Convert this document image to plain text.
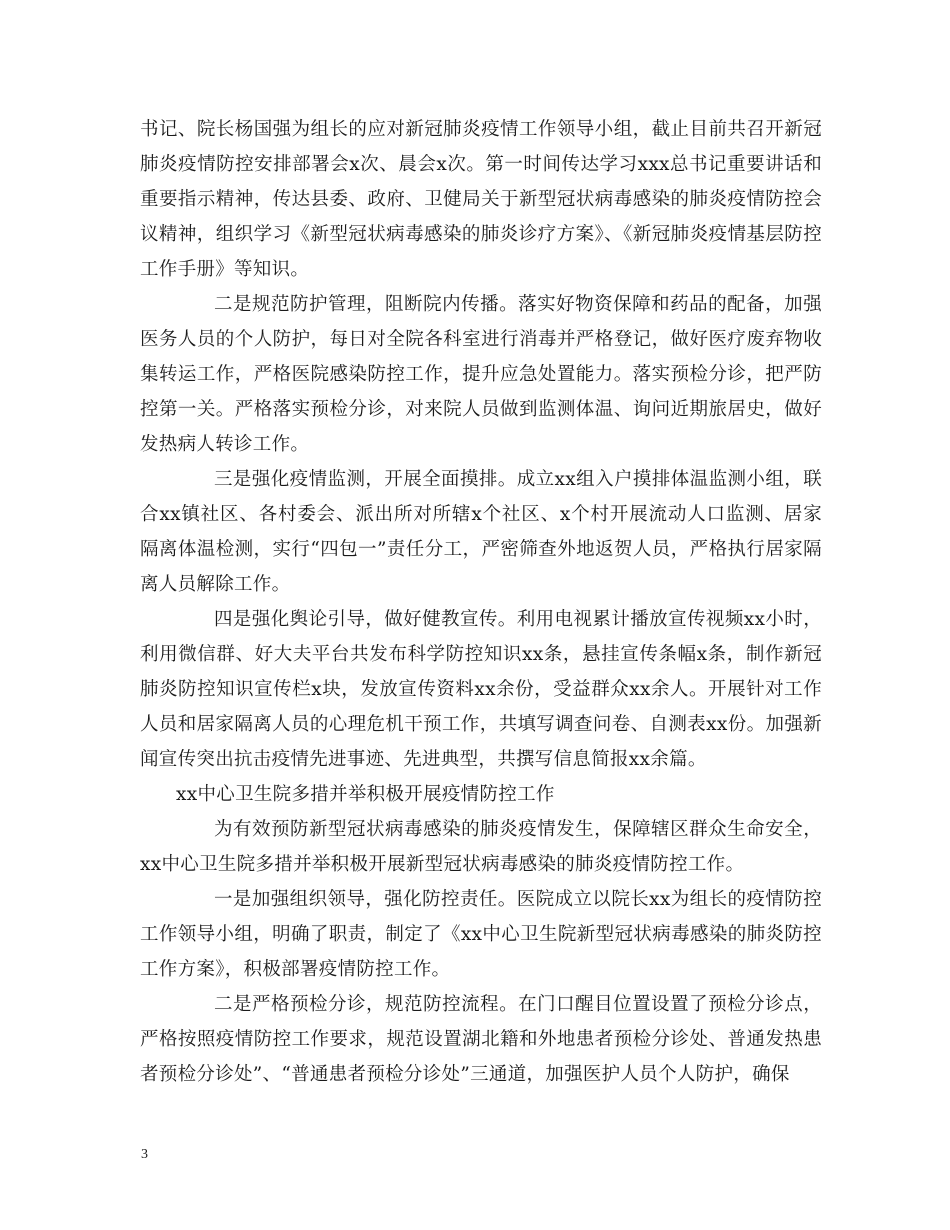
书记、院长杨国强为组长的应对新冠肺炎疫情工作领导小组，截止目前共召开新冠肺炎疫情防控安排部署会x次、晨会x次。第一时间传达学习xxx总书记重要讲话和重要指示精神，传达县委、政府、卫健局关于新型冠状病毒感染的肺炎疫情防控会议精神，组织学习《新型冠状病毒感染的肺炎诊疗方案》、《新冠肺炎疫情基层防控工作手册》等知识。

二是规范防护管理，阻断院内传播。落实好物资保障和药品的配备，加强医务人员的个人防护，每日对全院各科室进行消毒并严格登记，做好医疗废弃物收集转运工作，严格医院感染防控工作，提升应急处置能力。落实预检分诊，把严防控第一关。严格落实预检分诊，对来院人员做到监测体温、询问近期旅居史，做好发热病人转诊工作。

三是强化疫情监测，开展全面摸排。成立xx组入户摸排体温监测小组，联合xx镇社区、各村委会、派出所对所辖x个社区、x个村开展流动人口监测、居家隔离体温检测，实行“四包一”责任分工，严密筛查外地返贺人员，严格执行居家隔离人员解除工作。

四是强化舆论引导，做好健教宣传。利用电视累计播放宣传视频xx小时，利用微信群、好大夫平台共发布科学防控知识xx条，悬挂宣传条幅x条，制作新冠肺炎防控知识宣传栏x块，发放宣传资料xx余份，受益群众xx余人。开展针对工作人员和居家隔离人员的心理危机干预工作，共填写调查问卷、自测表xx份。加强新闻宣传突出抗击疫情先进事迹、先进典型，共撰写信息简报xx余篇。

xx中心卫生院多措并举积极开展疫情防控工作

为有效预防新型冠状病毒感染的肺炎疫情发生，保障辖区群众生命安全，xx中心卫生院多措并举积极开展新型冠状病毒感染的肺炎疫情防控工作。

一是加强组织领导，强化防控责任。医院成立以院长xx为组长的疫情防控工作领导小组，明确了职责，制定了《xx中心卫生院新型冠状病毒感染的肺炎防控工作方案》，积极部署疫情防控工作。

二是严格预检分诊，规范防控流程。在门口醒目位置设置了预检分诊点，严格按照疫情防控工作要求，规范设置湖北籍和外地患者预检分诊处、普通发热患者预检分诊处”、“普通患者预检分诊处”三通道，加强医护人员个人防护，确保

3
